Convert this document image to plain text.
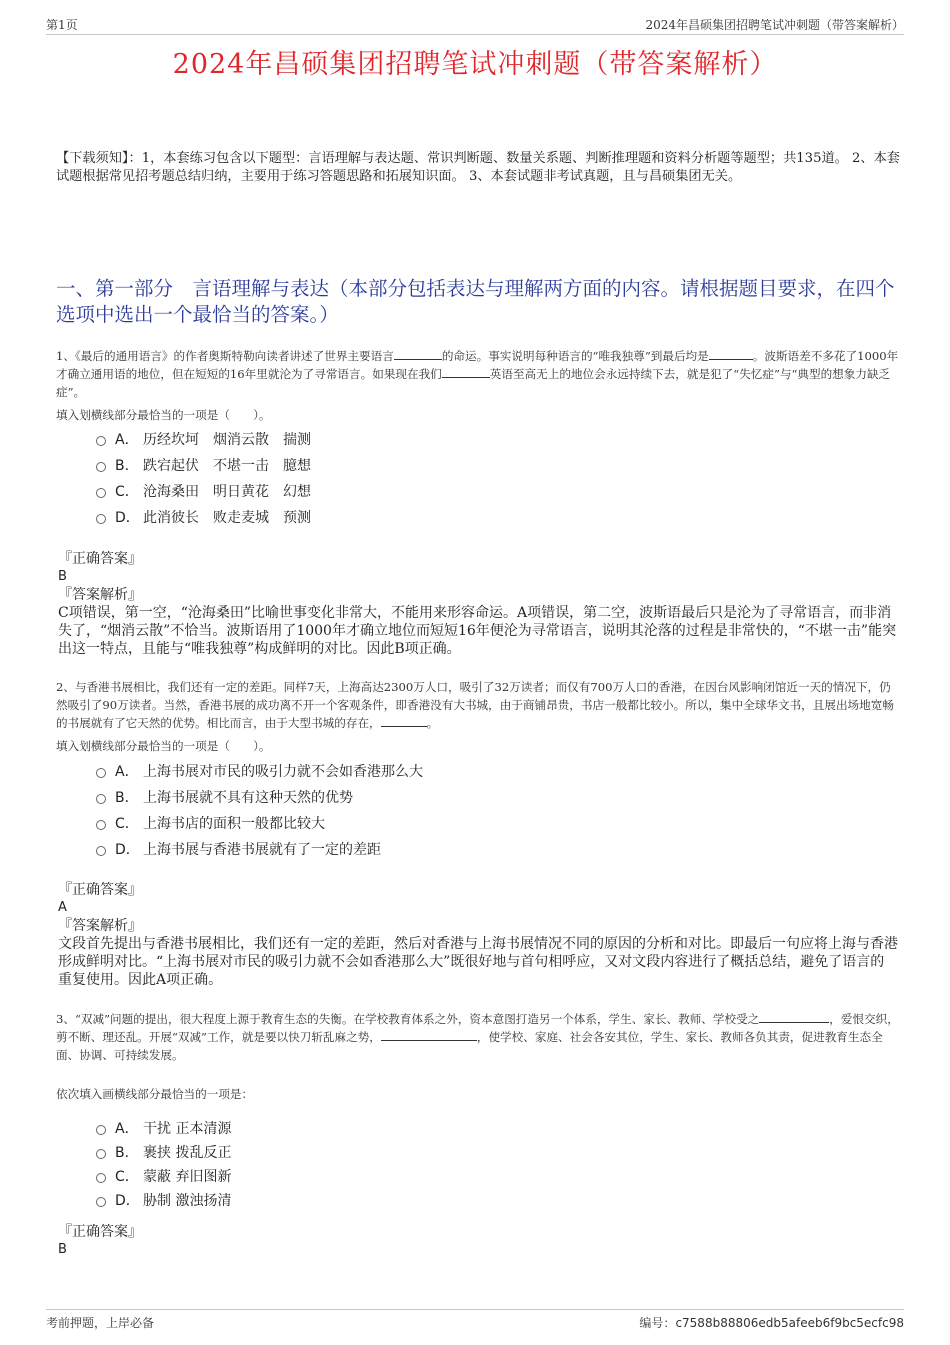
第1页	2024年昌硕集团招聘笔试冲刺题（带答案解析）
2024年昌硕集团招聘笔试冲刺题（带答案解析）
【下载须知】：1，本套练习包含以下题型：言语理解与表达题、常识判断题、数量关系题、判断推理题和资料分析题等题型；共135道。 2、本套试题根据常见招考题总结归纳，主要用于练习答题思路和拓展知识面。 3、本套试题非考试真题，且与昌硕集团无关。
一、第一部分　言语理解与表达（本部分包括表达与理解两方面的内容。请根据题目要求，在四个选项中选出一个最恰当的答案。）
1、《最后的通用语言》的作者奥斯特勒向读者讲述了世界主要语言	的命运。事实说明每种语言的“唯我独尊”到最后均是	。波斯语差不多花了1000年才确立通用语的地位，但在短短的16年里就沦为了寻常语言。如果现在我们	英语至高无上的地位会永远持续下去，就是犯了“失忆症”与“典型的想象力缺乏症”。
填入划横线部分最恰当的一项是（　　）。
A． 历经坎坷 烟消云散 揣测
B． 跌宕起伏 不堪一击 臆想
C． 沧海桑田 明日黄花 幻想
D． 此消彼长 败走麦城 预测
『正确答案』
B
『答案解析』
C项错误，第一空，“沧海桑田”比喻世事变化非常大，不能用来形容命运。A项错误，第二空，波斯语最后只是沦为了寻常语言，而非消失了，“烟消云散”不恰当。波斯语用了1000年才确立地位而短短16年便沦为寻常语言，说明其沦落的过程是非常快的，“不堪一击”能突出这一特点，且能与“唯我独尊”构成鲜明的对比。因此B项正确。
2、与香港书展相比，我们还有一定的差距。同样7天，上海高达2300万人口，吸引了32万读者；而仅有700万人口的香港，在因台风影响闭馆近一天的情况下，仍然吸引了90万读者。当然，香港书展的成功离不开一个客观条件，即香港没有大书城，由于商铺昂贵，书店一般都比较小。所以，集中全球华文书，且展出场地宽畅的书展就有了它天然的优势。相比而言，由于大型书城的存在，	。
填入划横线部分最恰当的一项是（　　）。
A． 上海书展对市民的吸引力就不会如香港那么大
B． 上海书展就不具有这种天然的优势
C． 上海书店的面积一般都比较大
D． 上海书展与香港书展就有了一定的差距
『正确答案』
A
『答案解析』
文段首先提出与香港书展相比，我们还有一定的差距，然后对香港与上海书展情况不同的原因的分析和对比。即最后一句应将上海与香港形成鲜明对比。“上海书展对市民的吸引力就不会如香港那么大”既很好地与首句相呼应，又对文段内容进行了概括总结，避免了语言的重复使用。因此A项正确。
3、“双减”问题的提出，很大程度上源于教育生态的失衡。在学校教育体系之外，资本意图打造另一个体系，学生、家长、教师、学校受之	，爱恨交织，剪不断、理还乱。开展“双减”工作，就是要以快刀斩乱麻之势，	，使学校、家庭、社会各安其位，学生、家长、教师各负其责，促进教育生态全面、协调、可持续发展。
依次填入画横线部分最恰当的一项是：
A． 干扰 正本清源
B． 裹挟 拨乱反正
C． 蒙蔽 弃旧图新
D． 胁制 激浊扬清
『正确答案』
B
考前押题，上岸必备	编号：c7588b88806edb5afeeb6f9bc5ecfc98
